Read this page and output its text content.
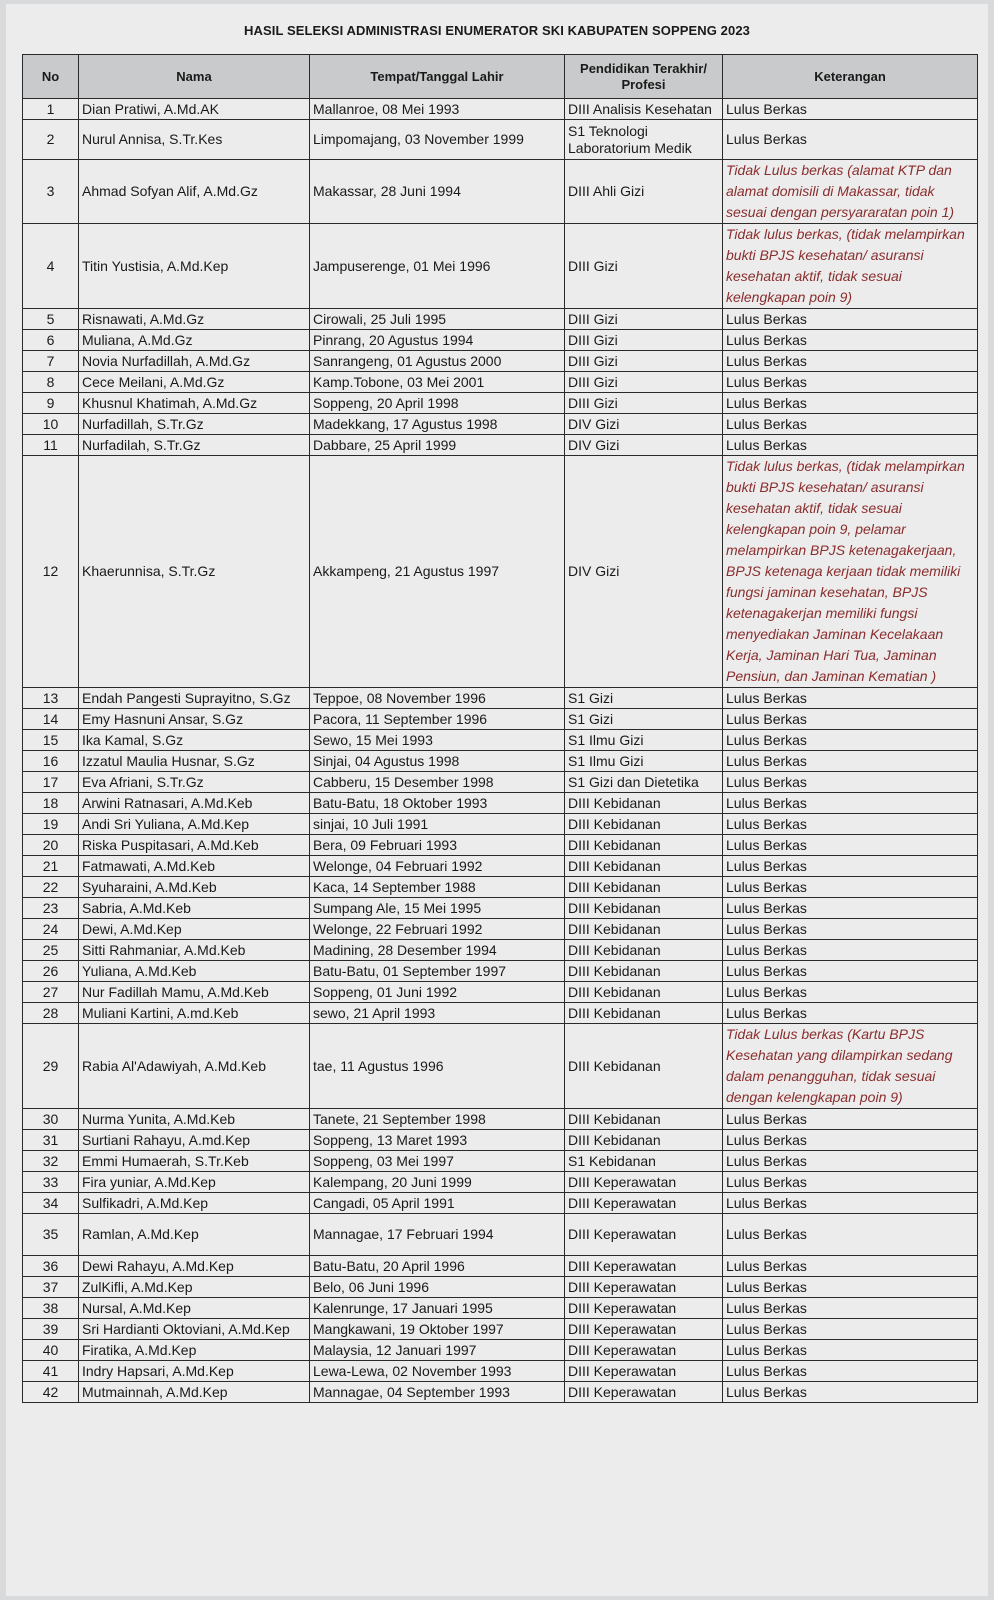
HASIL SELEKSI ADMINISTRASI ENUMERATOR SKI KABUPATEN SOPPENG 2023
No	Nama	Tempat/Tanggal Lahir	Pendidikan Terakhir/ Profesi	Keterangan
1	Dian Pratiwi, A.Md.AK	Mallanroe, 08 Mei 1993	DIII Analisis Kesehatan	Lulus Berkas
2	Nurul Annisa, S.Tr.Kes	Limpomajang, 03 November 1999	S1 Teknologi Laboratorium Medik	Lulus Berkas
3	Ahmad Sofyan Alif, A.Md.Gz	Makassar, 28 Juni 1994	DIII Ahli Gizi	Tidak Lulus berkas (alamat KTP dan alamat domisili di Makassar, tidak sesuai dengan persyararatan poin 1)
4	Titin Yustisia, A.Md.Kep	Jampuserenge, 01 Mei 1996	DIII Gizi	Tidak lulus berkas, (tidak melampirkan bukti BPJS kesehatan/ asuransi kesehatan aktif, tidak sesuai kelengkapan poin 9)
5	Risnawati, A.Md.Gz	Cirowali, 25 Juli 1995	DIII Gizi	Lulus Berkas
6	Muliana, A.Md.Gz	Pinrang, 20 Agustus 1994	DIII Gizi	Lulus Berkas
7	Novia Nurfadillah, A.Md.Gz	Sanrangeng, 01 Agustus 2000	DIII Gizi	Lulus Berkas
8	Cece Meilani, A.Md.Gz	Kamp.Tobone, 03 Mei 2001	DIII Gizi	Lulus Berkas
9	Khusnul Khatimah, A.Md.Gz	Soppeng, 20 April 1998	DIII Gizi	Lulus Berkas
10	Nurfadillah, S.Tr.Gz	Madekkang, 17 Agustus 1998	DIV Gizi	Lulus Berkas
11	Nurfadilah, S.Tr.Gz	Dabbare, 25 April 1999	DIV Gizi	Lulus Berkas
12	Khaerunnisa, S.Tr.Gz	Akkampeng, 21 Agustus 1997	DIV Gizi	Tidak lulus berkas, (tidak melampirkan bukti BPJS kesehatan/ asuransi kesehatan aktif, tidak sesuai kelengkapan poin 9, pelamar melampirkan BPJS ketenagakerjaan, BPJS ketenaga kerjaan tidak memiliki fungsi jaminan kesehatan, BPJS ketenagakerjan memiliki fungsi menyediakan Jaminan Kecelakaan Kerja, Jaminan Hari Tua, Jaminan Pensiun, dan Jaminan Kematian )
13	Endah Pangesti Suprayitno, S.Gz	Teppoe, 08 November 1996	S1 Gizi	Lulus Berkas
14	Emy Hasnuni Ansar, S.Gz	Pacora, 11 September 1996	S1 Gizi	Lulus Berkas
15	Ika Kamal, S.Gz	Sewo, 15 Mei 1993	S1 Ilmu Gizi	Lulus Berkas
16	Izzatul Maulia Husnar, S.Gz	Sinjai, 04 Agustus 1998	S1 Ilmu Gizi	Lulus Berkas
17	Eva Afriani, S.Tr.Gz	Cabberu, 15 Desember 1998	S1 Gizi dan Dietetika	Lulus Berkas
18	Arwini Ratnasari, A.Md.Keb	Batu-Batu, 18 Oktober 1993	DIII Kebidanan	Lulus Berkas
19	Andi Sri Yuliana, A.Md.Kep	sinjai, 10 Juli 1991	DIII Kebidanan	Lulus Berkas
20	Riska Puspitasari, A.Md.Keb	Bera, 09 Februari 1993	DIII Kebidanan	Lulus Berkas
21	Fatmawati, A.Md.Keb	Welonge, 04 Februari 1992	DIII Kebidanan	Lulus Berkas
22	Syuharaini, A.Md.Keb	Kaca, 14 September 1988	DIII Kebidanan	Lulus Berkas
23	Sabria, A.Md.Keb	Sumpang Ale, 15 Mei 1995	DIII Kebidanan	Lulus Berkas
24	Dewi, A.Md.Kep	Welonge, 22 Februari 1992	DIII Kebidanan	Lulus Berkas
25	Sitti Rahmaniar, A.Md.Keb	Madining, 28 Desember 1994	DIII Kebidanan	Lulus Berkas
26	Yuliana, A.Md.Keb	Batu-Batu, 01 September 1997	DIII Kebidanan	Lulus Berkas
27	Nur Fadillah Mamu, A.Md.Keb	Soppeng, 01 Juni 1992	DIII Kebidanan	Lulus Berkas
28	Muliani Kartini, A.md.Keb	sewo, 21 April 1993	DIII Kebidanan	Lulus Berkas
29	Rabia Al'Adawiyah, A.Md.Keb	tae, 11 Agustus 1996	DIII Kebidanan	Tidak Lulus berkas (Kartu BPJS Kesehatan yang dilampirkan sedang dalam penangguhan, tidak sesuai dengan kelengkapan poin 9)
30	Nurma Yunita, A.Md.Keb	Tanete, 21 September 1998	DIII Kebidanan	Lulus Berkas
31	Surtiani Rahayu, A.md.Kep	Soppeng, 13 Maret 1993	DIII Kebidanan	Lulus Berkas
32	Emmi Humaerah, S.Tr.Keb	Soppeng, 03 Mei 1997	S1 Kebidanan	Lulus Berkas
33	Fira yuniar, A.Md.Kep	Kalempang, 20 Juni 1999	DIII Keperawatan	Lulus Berkas
34	Sulfikadri, A.Md.Kep	Cangadi, 05 April 1991	DIII Keperawatan	Lulus Berkas
35	Ramlan, A.Md.Kep	Mannagae, 17 Februari 1994	DIII Keperawatan	Lulus Berkas
36	Dewi Rahayu, A.Md.Kep	Batu-Batu, 20 April 1996	DIII Keperawatan	Lulus Berkas
37	ZulKifli, A.Md.Kep	Belo, 06 Juni 1996	DIII Keperawatan	Lulus Berkas
38	Nursal, A.Md.Kep	Kalenrunge, 17 Januari 1995	DIII Keperawatan	Lulus Berkas
39	Sri Hardianti Oktoviani, A.Md.Kep	Mangkawani, 19 Oktober 1997	DIII Keperawatan	Lulus Berkas
40	Firatika, A.Md.Kep	Malaysia, 12 Januari 1997	DIII Keperawatan	Lulus Berkas
41	Indry Hapsari, A.Md.Kep	Lewa-Lewa, 02 November 1993	DIII Keperawatan	Lulus Berkas
42	Mutmainnah, A.Md.Kep	Mannagae, 04 September 1993	DIII Keperawatan	Lulus Berkas
